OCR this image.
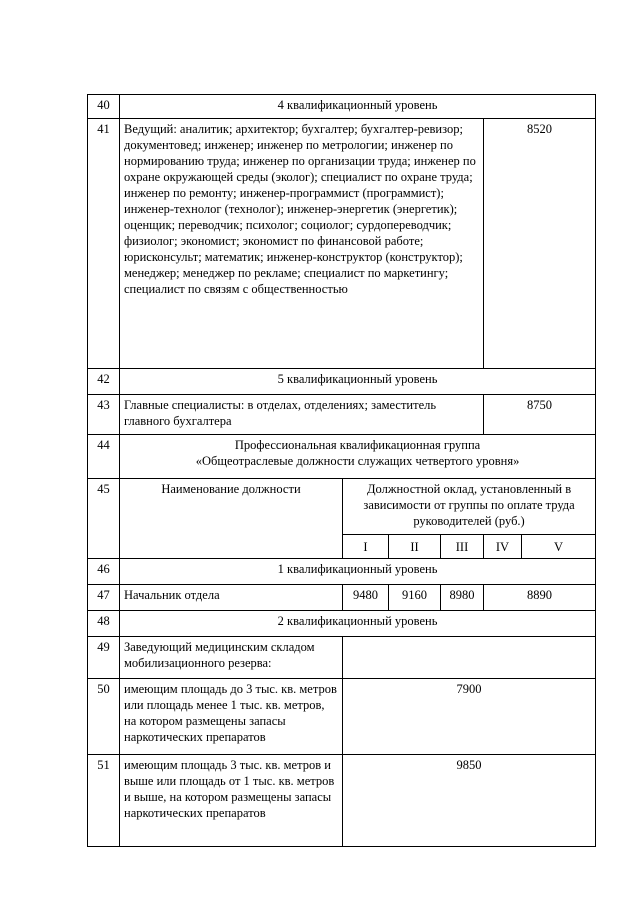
40	4 квалификационный уровень					
41	Ведущий: аналитик; архитектор; бухгалтер; бухгалтер-ревизор; документовед; инженер; инженер по метрологии; инженер по нормированию труда; инженер по организации труда; инженер по охране окружающей среды (эколог); специалист по охране труда; инженер по ремонту; инженер-программист (программист); инженер-технолог (технолог); инженер-энергетик (энергетик); оценщик; переводчик; психолог; социолог; сурдопереводчик; физиолог; экономист; экономист по финансовой работе; юрисконсульт; математик; инженер-конструктор (конструктор); менеджер; менеджер по рекламе; специалист по маркетингу; специалист по связям с общественностью				8520	
42	5 квалификационный уровень					
43	Главные специалисты: в отделах, отделениях; заместитель главного бухгалтера				8750	
44	Профессиональная квалификационная группа
«Общеотраслевые должности служащих четвертого уровня»					

45	Наименование должности	Должностной оклад, установленный в зависимости от группы по оплате труда руководителей (руб.)				
		I	II	III	IV	V
46	1 квалификационный уровень					
47	Начальник отдела	9480	9160	8980	8890	
48	2 квалификационный уровень					
49	Заведующий медицинским складом мобилизационного резерва:					
50	имеющим площадь до 3 тыс. кв. метров или площадь менее 1 тыс. кв. метров, на котором размещены запасы наркотических препаратов	7900				
51	имеющим площадь 3 тыс. кв. метров и выше или площадь от 1 тыс. кв. метров и выше, на котором размещены запасы наркотических препаратов	9850				
